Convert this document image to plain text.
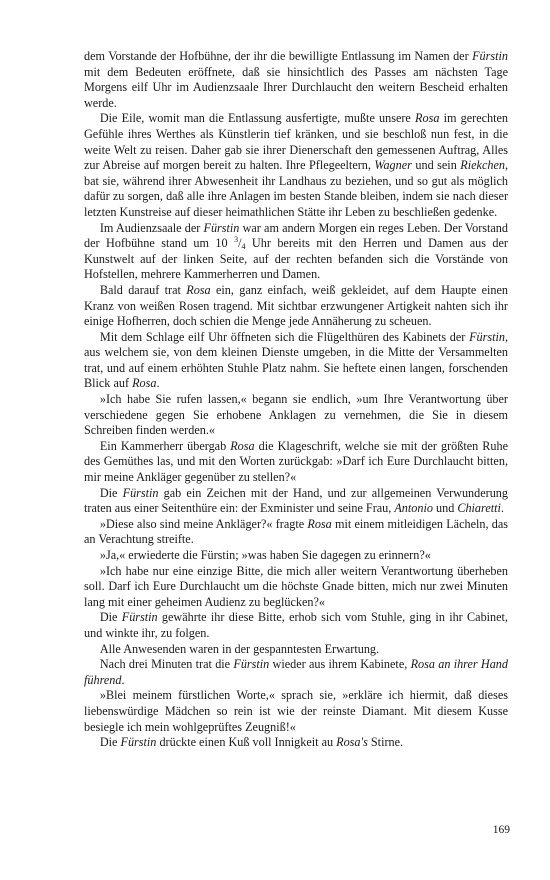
dem Vorstande der Hofbühne, der ihr die bewilligte Entlassung im Namen der Fürstin mit dem Bedeuten eröffnete, daß sie hinsichtlich des Passes am nächsten Tage Morgens eilf Uhr im Audienzsaale Ihrer Durchlaucht den weitern Bescheid erhalten werde.

Die Eile, womit man die Entlassung ausfertigte, mußte unsere Rosa im gerechten Gefühle ihres Werthes als Künstlerin tief kränken, und sie beschloß nun fest, in die weite Welt zu reisen. Daher gab sie ihrer Dienerschaft den gemessenen Auftrag, Alles zur Abreise auf morgen bereit zu halten. Ihre Pflegeeltern, Wagner und sein Riekchen, bat sie, während ihrer Abwesenheit ihr Landhaus zu beziehen, und so gut als möglich dafür zu sorgen, daß alle ihre Anlagen im besten Stande bleiben, indem sie nach dieser letzten Kunstreise auf dieser heimathlichen Stätte ihr Leben zu beschließen gedenke.

Im Audienzsaale der Fürstin war am andern Morgen ein reges Leben. Der Vorstand der Hofbühne stand um 10 $^3/_4$ Uhr bereits mit den Herren und Damen aus der Kunstwelt auf der linken Seite, auf der rechten befanden sich die Vorstände von Hofstellen, mehrere Kammerherren und Damen.

Bald darauf trat Rosa ein, ganz einfach, weiß gekleidet, auf dem Haupte einen Kranz von weißen Rosen tragend. Mit sichtbar erzwungener Artigkeit nahten sich ihr einige Hofherren, doch schien die Menge jede Annäherung zu scheuen.

Mit dem Schlage eilf Uhr öffneten sich die Flügelthüren des Kabinets der Fürstin, aus welchem sie, von dem kleinen Dienste umgeben, in die Mitte der Versammelten trat, und auf einem erhöhten Stuhle Platz nahm. Sie heftete einen langen, forschenden Blick auf Rosa.

»Ich habe Sie rufen lassen,« begann sie endlich, »um Ihre Verantwortung über verschiedene gegen Sie erhobene Anklagen zu vernehmen, die Sie in diesem Schreiben finden werden.«

Ein Kammerherr übergab Rosa die Klageschrift, welche sie mit der größten Ruhe des Gemüthes las, und mit den Worten zurückgab: »Darf ich Eure Durchlaucht bitten, mir meine Ankläger gegenüber zu stellen?«

Die Fürstin gab ein Zeichen mit der Hand, und zur allgemeinen Verwunderung traten aus einer Seitenthüre ein: der Exminister und seine Frau, Antonio und Chiaretti.

»Diese also sind meine Ankläger?« fragte Rosa mit einem mitleidigen Lächeln, das an Verachtung streifte.

»Ja,« erwiederte die Fürstin; »was haben Sie dagegen zu erinnern?«

»Ich habe nur eine einzige Bitte, die mich aller weitern Verantwortung überheben soll. Darf ich Eure Durchlaucht um die höchste Gnade bitten, mich nur zwei Minuten lang mit einer geheimen Audienz zu beglücken?«

Die Fürstin gewährte ihr diese Bitte, erhob sich vom Stuhle, ging in ihr Cabinet, und winkte ihr, zu folgen.

Alle Anwesenden waren in der gespanntesten Erwartung.

Nach drei Minuten trat die Fürstin wieder aus ihrem Kabinete, Rosa an ihrer Hand führend.

»Blei meinem fürstlichen Worte,« sprach sie, »erkläre ich hiermit, daß dieses liebenswürdige Mädchen so rein ist wie der reinste Diamant. Mit diesem Kusse besiegle ich mein wohlgeprüftes Zeugniß!«

Die Fürstin drückte einen Kuß voll Innigkeit au Rosa's Stirne.

169
